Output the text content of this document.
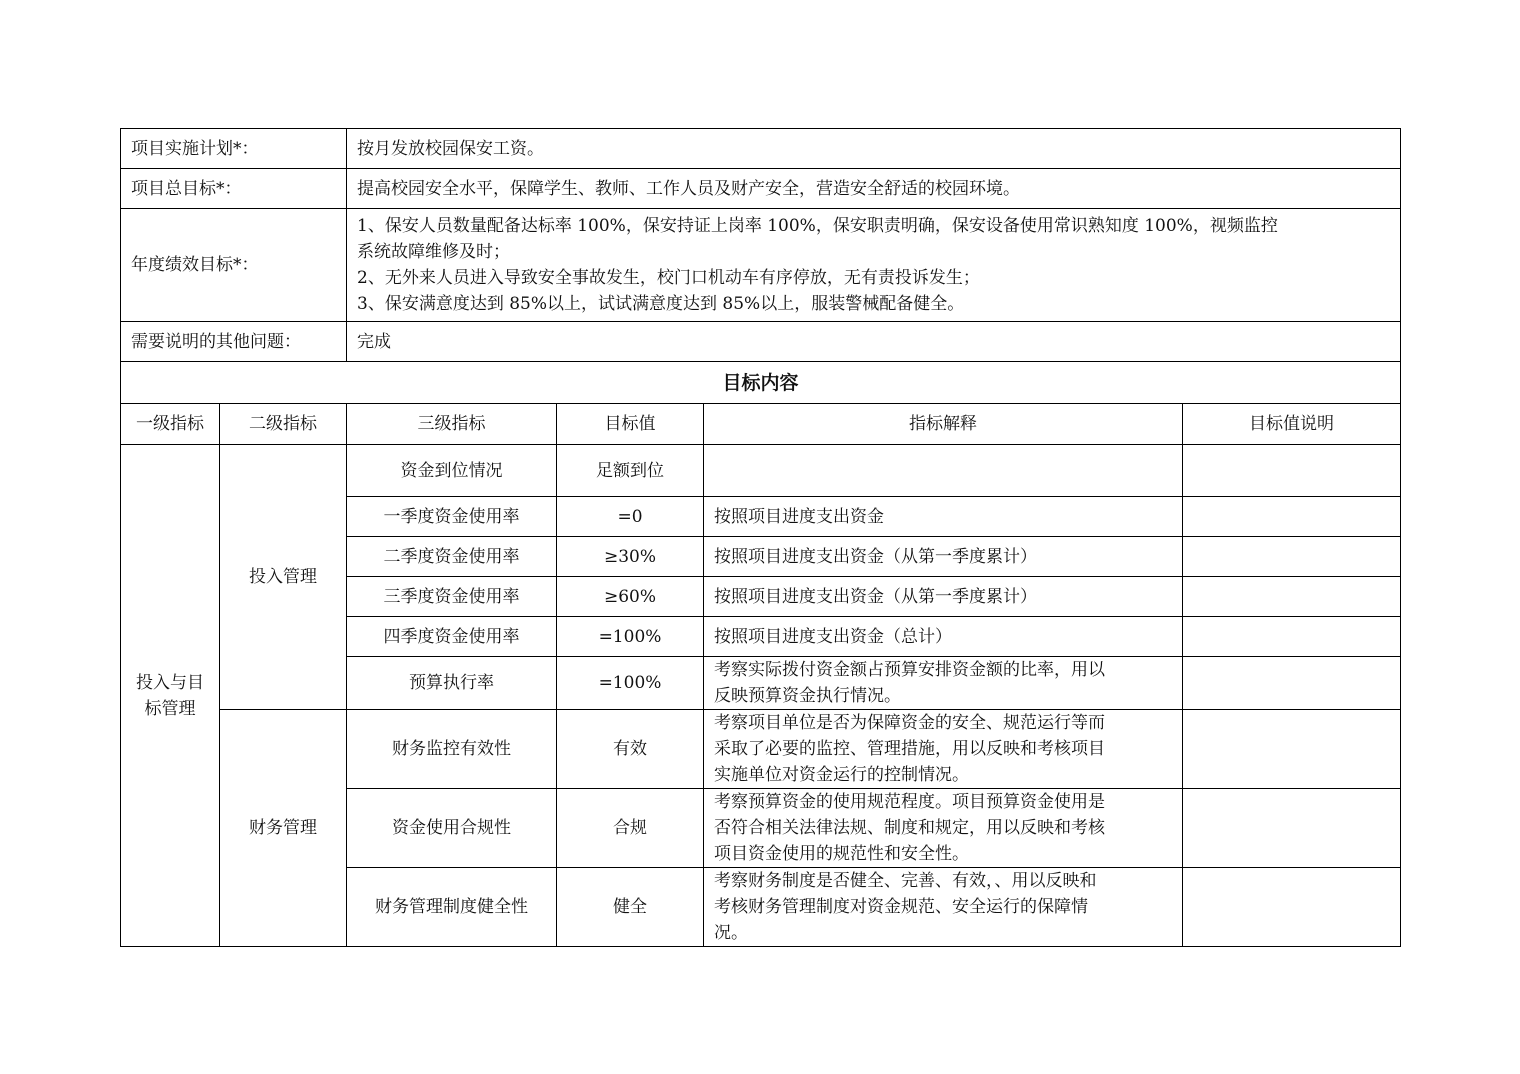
项目实施计划*：		按月发放校园保安工资。			
项目总目标*：		提高校园安全水平，保障学生、教师、工作人员及财产安全，营造安全舒适的校园环境。			
年度绩效目标*：		1、保安人员数量配备达标率 100%，保安持证上岗率 100%，保安职责明确，保安设备使用常识熟知度 100%，视频监控
系统故障维修及时；
2、无外来人员进入导致安全事故发生，校门口机动车有序停放，无有责投诉发生；
3、保安满意度达到 85%以上，试试满意度达到 85%以上，服装警械配备健全。			

需要说明的其他问题：		完成			
目标内容					
一级指标	二级指标	三级指标	目标值	指标解释	目标值说明

投入与目
标管理	投入管理	资金到位情况	足额到位		
		一季度资金使用率	=0	按照项目进度支出资金	
		二季度资金使用率	≥30%	按照项目进度支出资金（从第一季度累计）	
		三季度资金使用率	≥60%	按照项目进度支出资金（从第一季度累计）	
		四季度资金使用率	=100%	按照项目进度支出资金（总计）	
		预算执行率	=100%	考察实际拨付资金额占预算安排资金额的比率，用以
反映预算资金执行情况。	

	财务管理	财务监控有效性	有效	考察项目单位是否为保障资金的安全、规范运行等而
采取了必要的监控、管理措施，用以反映和考核项目
实施单位对资金运行的控制情况。	

		资金使用合规性	合规	考察预算资金的使用规范程度。项目预算资金使用是
否符合相关法律法规、制度和规定，用以反映和考核
项目资金使用的规范性和安全性。	

		财务管理制度健全性	健全	考察财务制度是否健全、完善、有效，、用以反映和
考核财务管理制度对资金规范、安全运行的保障情
况。	
